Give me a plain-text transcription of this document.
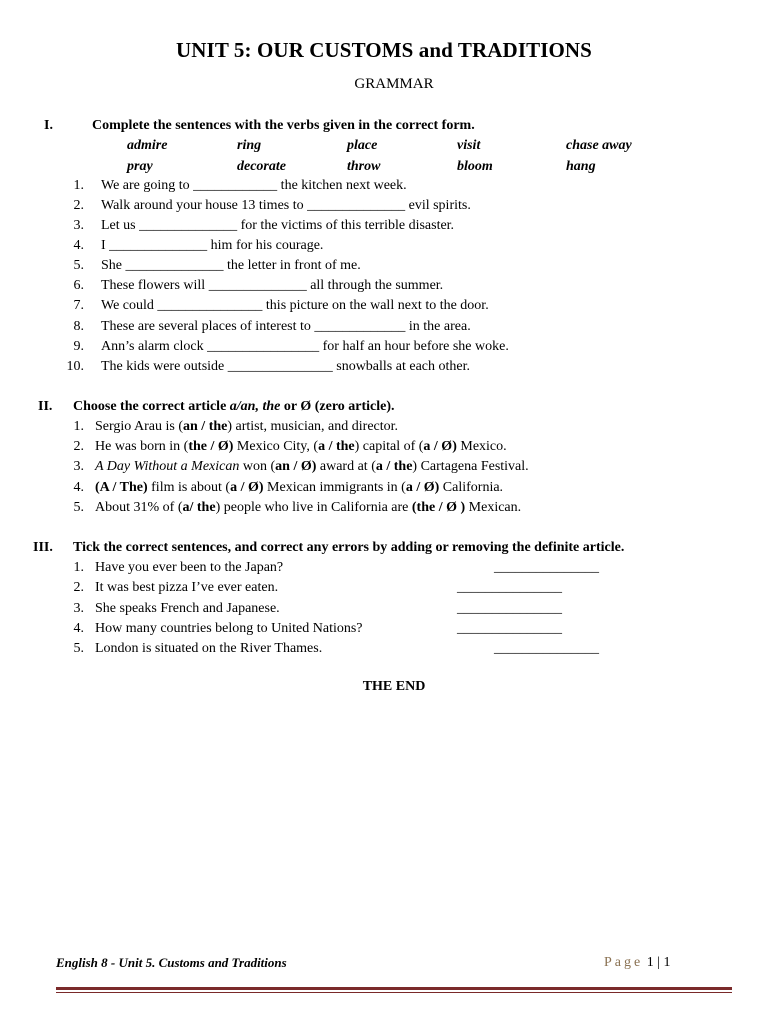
UNIT 5: OUR CUSTOMS and TRADITIONS
GRAMMAR
I.	Complete the sentences with the verbs given in the correct form.
admire	ring	place	visit	chase away
pray	decorate	throw	bloom	hang
1. We are going to ____________ the kitchen next week.
2. Walk around your house 13 times to ______________ evil spirits.
3. Let us ______________ for the victims of this terrible disaster.
4. I ______________ him for his courage.
5. She ______________ the letter in front of me.
6. These flowers will ______________ all through the summer.
7. We could _______________ this picture on the wall next to the door.
8. These are several places of interest to _____________ in the area.
9. Ann’s alarm clock ________________ for half an hour before she woke.
10. The kids were outside _______________ snowballs at each other.
II. Choose the correct article a/an, the or Ø (zero article).
1. Sergio Arau is (an / the) artist, musician, and director.
2. He was born in (the / Ø) Mexico City, (a / the) capital of (a / Ø) Mexico.
3. A Day Without a Mexican won (an / Ø) award at (a / the) Cartagena Festival.
4. (A / The) film is about (a / Ø) Mexican immigrants in (a / Ø) California.
5. About 31% of (a/ the) people who live in California are (the / Ø ) Mexican.
III. Tick the correct sentences, and correct any errors by adding or removing the definite article.
1. Have you ever been to the Japan?	_______________
2. It was best pizza I’ve ever eaten.	_______________
3. She speaks French and Japanese.	_______________
4. How many countries belong to United Nations?	_______________
5. London is situated on the River Thames.	_______________
THE END
English 8 - Unit 5. Customs and Traditions	Page 1 | 1
